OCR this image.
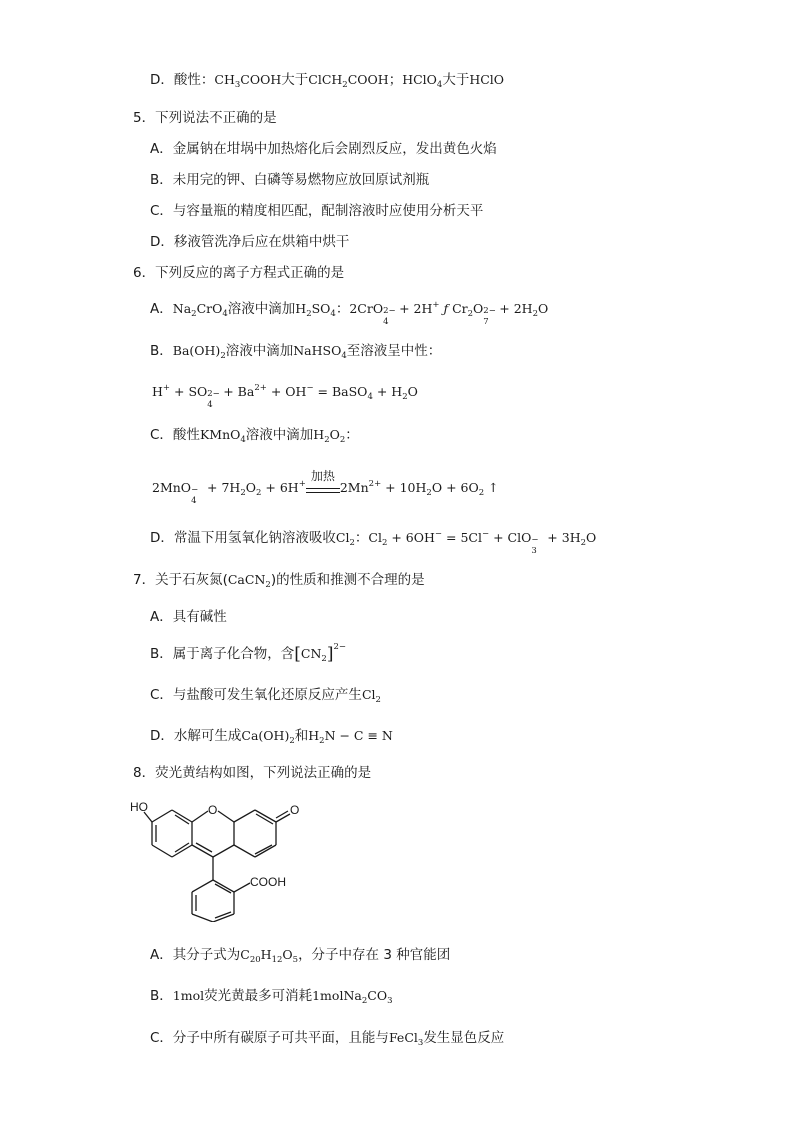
D．酸性：$CH_3COOH$大于ClCH$_2$COOH；HClO$_4$大于HClO
5．下列说法不正确的是
A．金属钠在坩埚中加热熔化后会剧烈反应，发出黄色火焰
B．未用完的钾、白磷等易燃物应放回原试剂瓶
C．与容量瓶的精度相匹配，配制溶液时应使用分析天平
D．移液管洗净后应在烘箱中烘干
6．下列反应的离子方程式正确的是
A．$Na_2CrO_4$溶液中滴加$H_2SO_4$：2CrO 2−
4
+ 2H+ ƒ $Cr_2O$ 2−
7
+ $2H_2O$
B．$Ba(OH)_2$溶液中滴加NaHSO$_4$至溶液呈中性：
H+ + SO 2−
4
+ $Ba^{2+} + OH^-$ = BaSO$_4$ + $H_2O$
C．酸性KMnO$_4$溶液中滴加$H_2O_2$：
2MnO −
4
+ $7H_2O_2 + 6H^+$
加热
$2Mn^{2+} + 10H_2O + 6O_2$ ↑
D．常温下用氢氧化钠溶液吸收$Cl_2$：$Cl_2 + 6OH^- = 5Cl^-$ + ClO −
3
+ $3H_2O$
7．关于石灰氮(CaCN$_2$)的性质和推测不合理的是
A．具有碱性
B．属于离子化合物，含$[CN_2]^{2-}$
C．与盐酸可发生氧化还原反应产生$Cl_2$
D．水解可生成$Ca(OH)_2$和$H_2N - C \equiv N$
8．荧光黄结构如图，下列说法正确的是
HO	O	O
COOH
A．其分子式为$C_{20}H_{12}O_5$，分子中存在 3 种官能团
B．1mol荧光黄最多可消耗$1molNa_2CO_3$
C．分子中所有碳原子可共平面，且能与FeCl$_3$发生显色反应
